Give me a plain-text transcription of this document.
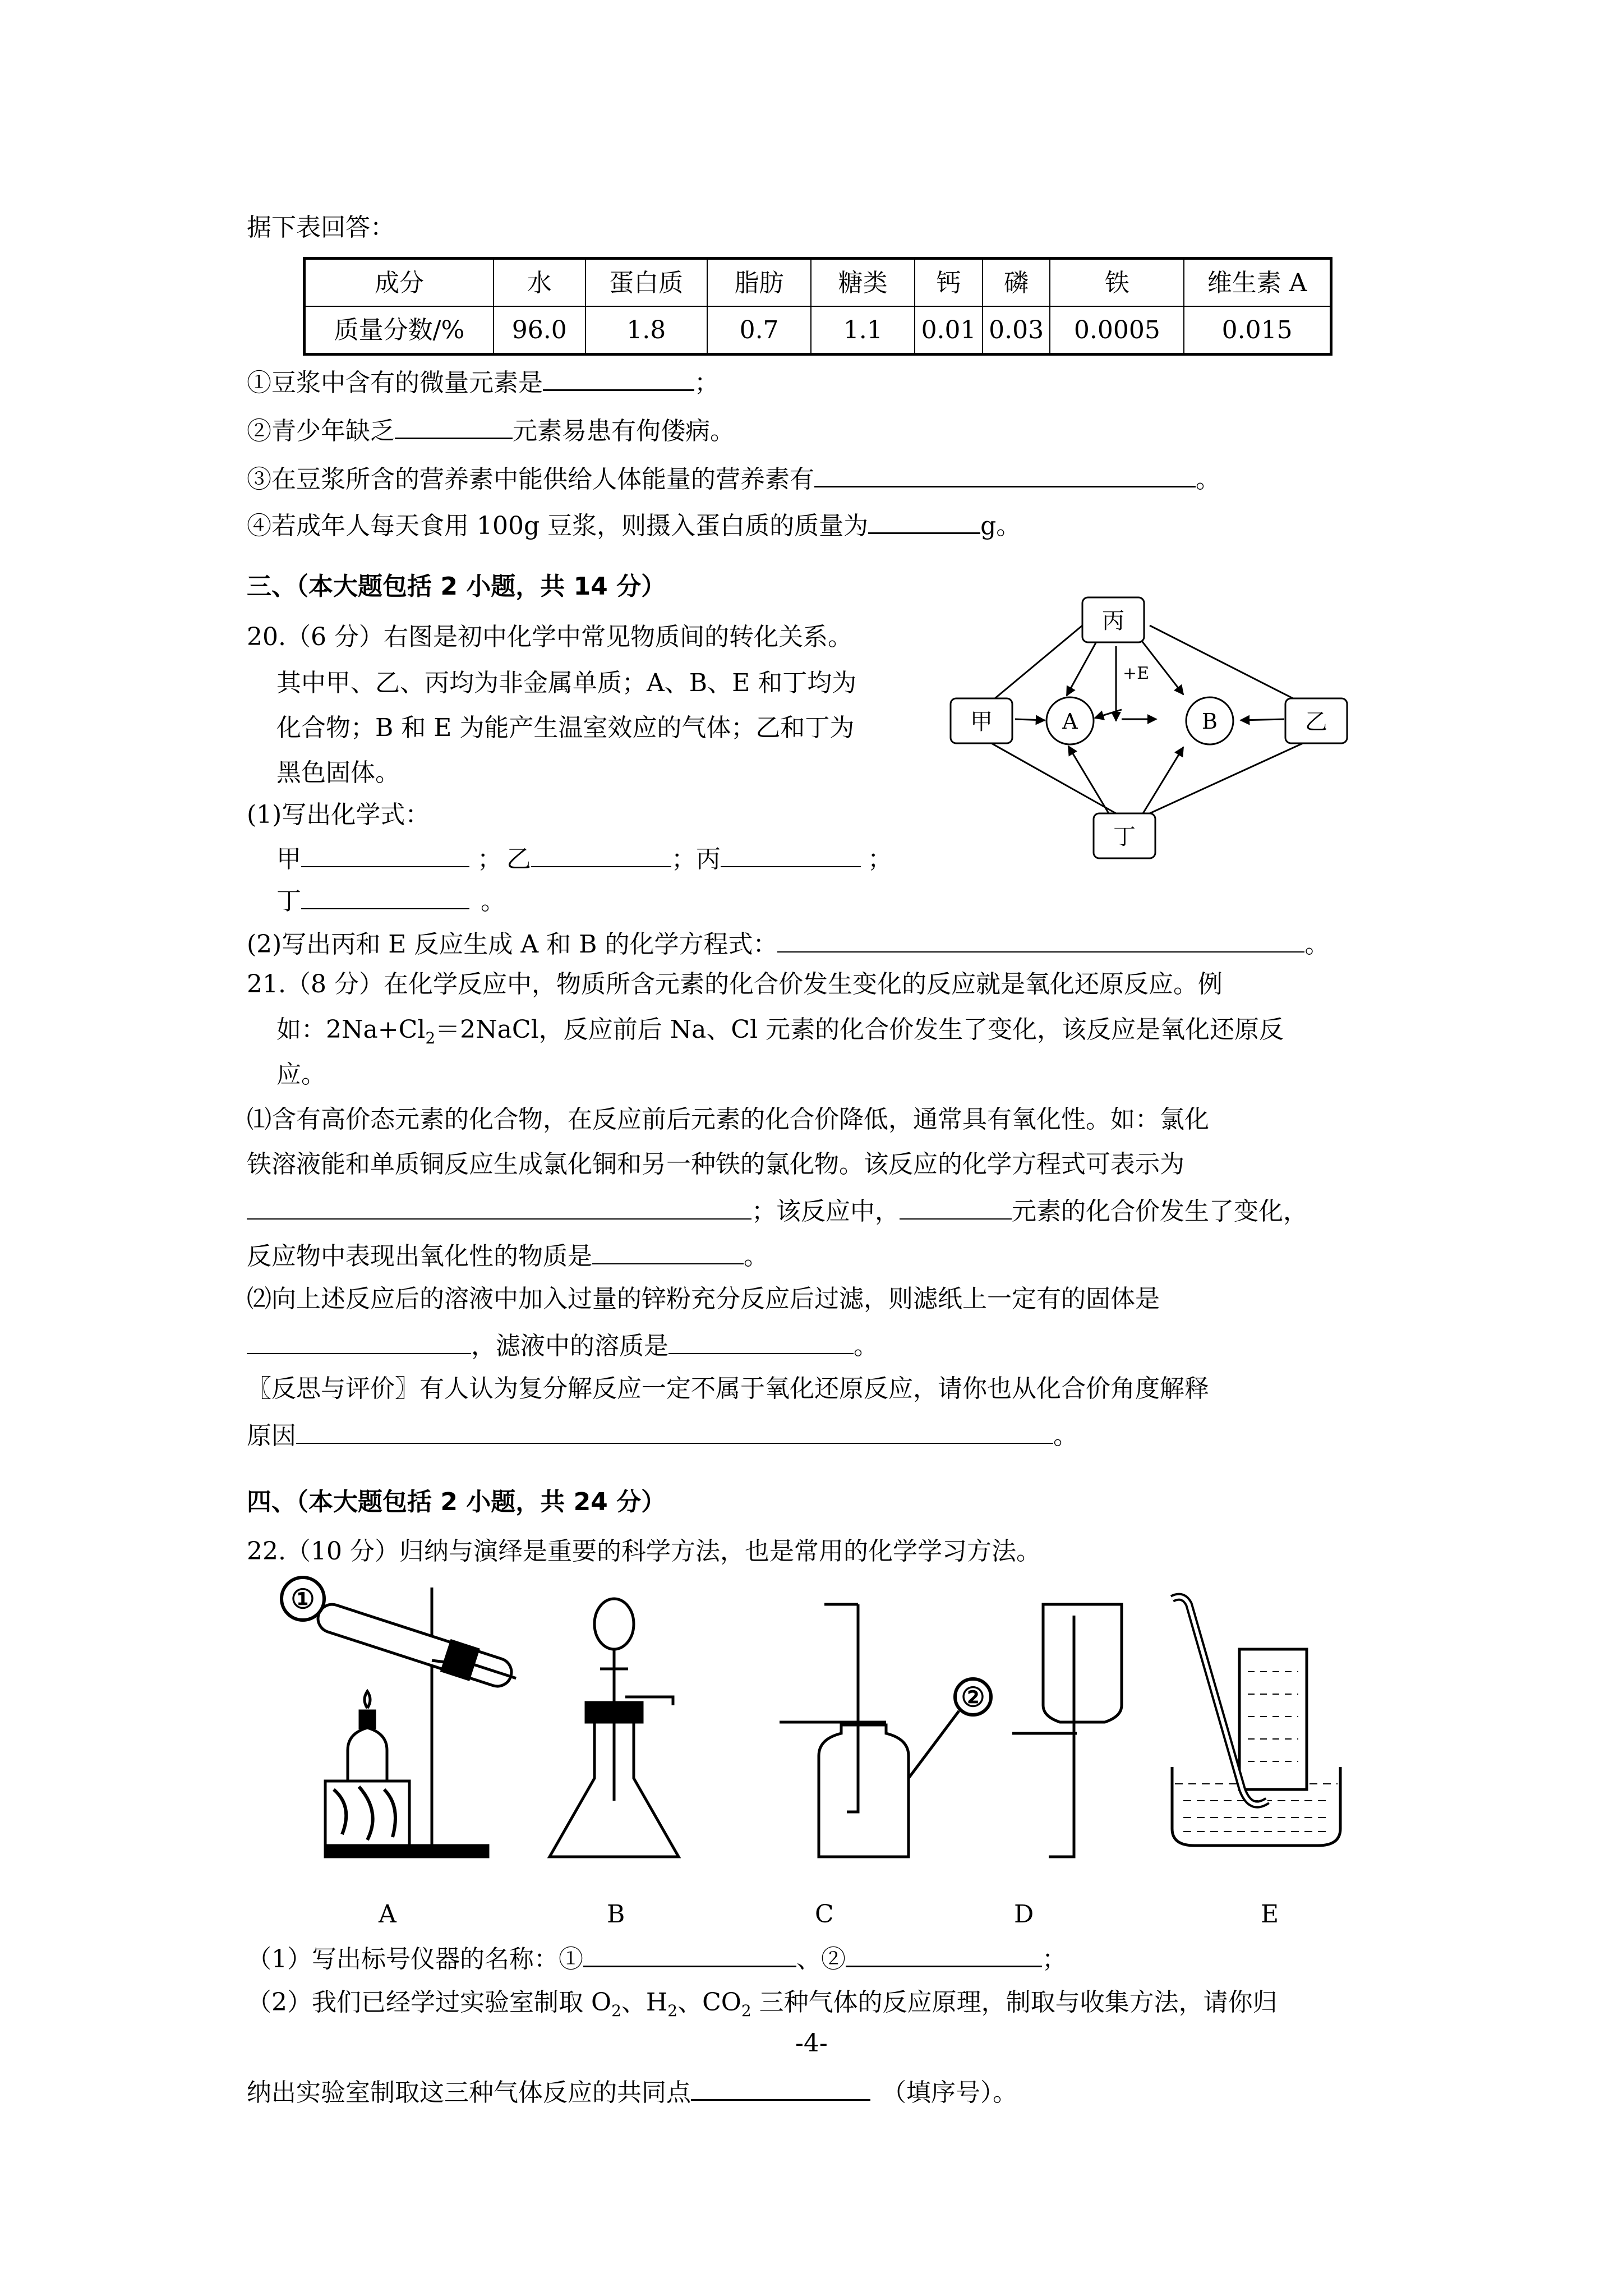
据下表回答：
成分	水	蛋白质	脂肪	糖类	钙	磷	铁	维生素 A
质量分数/%	96.0	1.8	0.7	1.1	0.01	0.03	0.0005	0.015
①豆浆中含有的微量元素是	；
②青少年缺乏	元素易患有佝偻病。
③在豆浆所含的营养素中能供给人体能量的营养素有	。
④若成年人每天食用 100g 豆浆，则摄入蛋白质的质量为	g。
三、（本大题包括 2 小题，共 14 分）
20.（6 分）右图是初中化学中常见物质间的转化关系。
其中甲、乙、丙均为非金属单质；A、B、E 和丁均为
化合物；B 和 E 为能产生温室效应的气体；乙和丁为
黑色固体。
(1)写出化学式：
甲	； 乙	；丙	；
丁	。
(2)写出丙和 E 反应生成 A 和 B 的化学方程式：	。
丙
甲	乙
丁
A	B
+E
21.（8 分）在化学反应中，物质所含元素的化合价发生变化的反应就是氧化还原反应。例
如：$2Na+Cl_2=2NaCl$，反应前后 Na、Cl 元素的化合价发生了变化，该反应是氧化还原反
应。
⑴含有高价态元素的化合物，在反应前后元素的化合价降低，通常具有氧化性。如：氯化
铁溶液能和单质铜反应生成氯化铜和另一种铁的氯化物。该反应的化学方程式可表示为
；该反应中，	元素的化合价发生了变化，
反应物中表现出氧化性的物质是	。
⑵向上述反应后的溶液中加入过量的锌粉充分反应后过滤，则滤纸上一定有的固体是
，滤液中的溶质是	。
〖反思与评价〗有人认为复分解反应一定不属于氧化还原反应，请你也从化合价角度解释
原因	。
四、（本大题包括 2 小题，共 24 分）
22.（10 分）归纳与演绎是重要的科学方法，也是常用的化学学习方法。
①
②
A	B	C	D	E
（1）写出标号仪器的名称：①	、②	；
（2）我们已经学过实验室制取 $O_2$、$H_2$、$CO_2$ 三种气体的反应原理，制取与收集方法，请你归
-4-
纳出实验室制取这三种气体反应的共同点	（填序号）。
